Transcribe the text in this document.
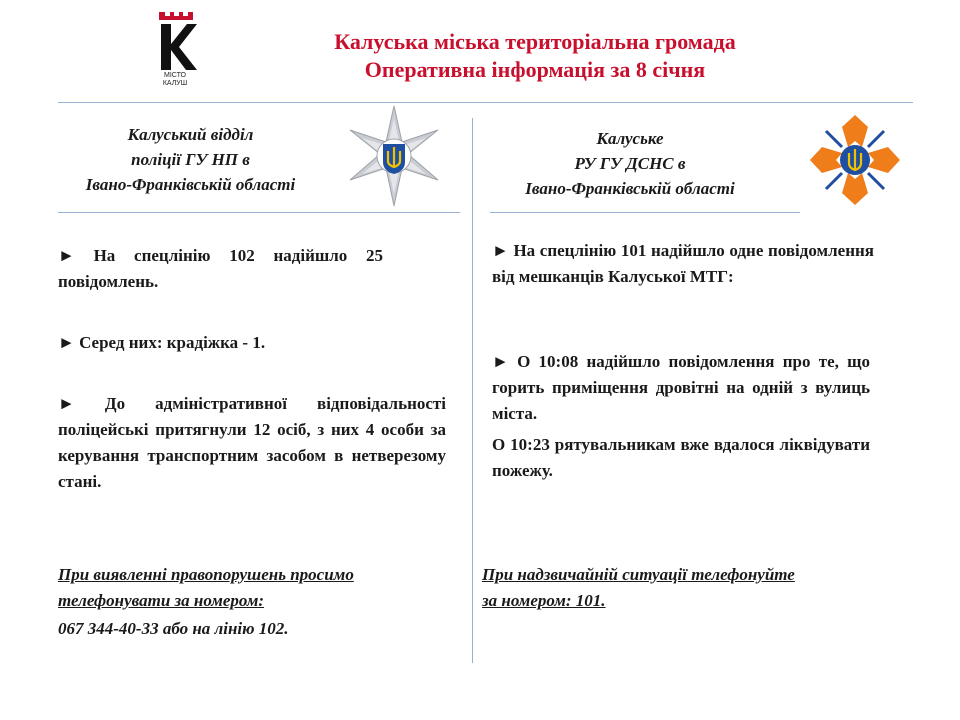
МІСТО
КАЛУШ
Калуська міська територіальна громада
Оперативна інформація за 8 січня
Калуський відділ
поліції ГУ НП в
Івано-Франківській області
► На спецлінію 102 надійшло 25 повідомлень.
► Серед них: крадіжка - 1.
► До адміністративної відповідальності поліцейські притягнули 12 осіб, з них 4 особи за керування транспортним засобом в нетверезому стані.
При виявленні правопорушень просимо
телефонувати за номером:
067 344-40-33 або на лінію 102.
Калуське
РУ ГУ ДСНС в
Івано-Франківській області
► На спецлінію 101 надійшло одне повідомлення від мешканців Калуської МТГ:
► О 10:08 надійшло повідомлення про те, що горить приміщення дровітні на одній з вулиць міста.
О 10:23 рятувальникам вже вдалося ліквідувати пожежу.
При надзвичайній ситуації телефонуйте
за номером: 101.
